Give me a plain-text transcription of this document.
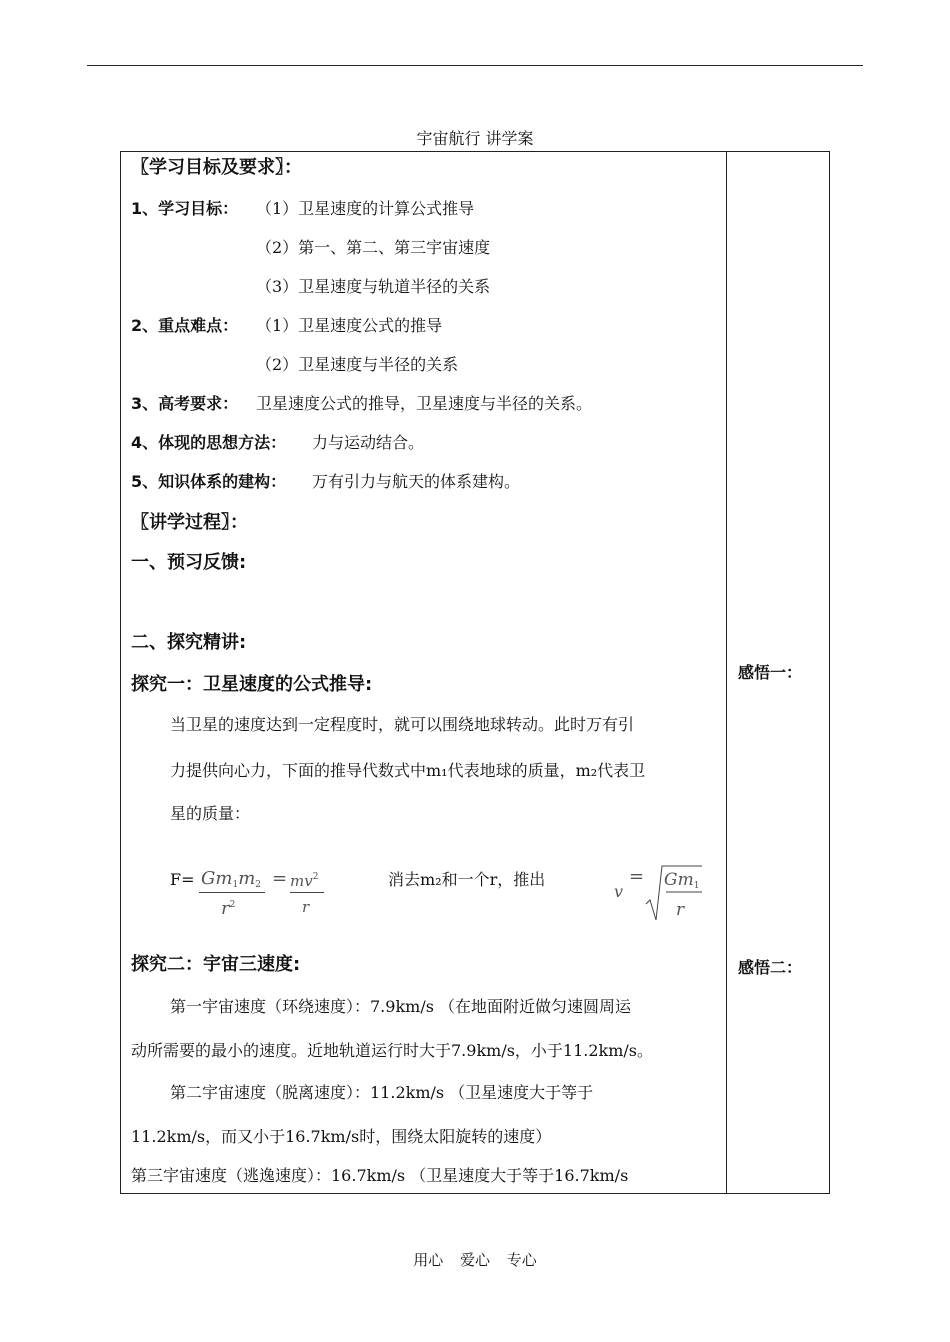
宇宙航行 讲学案
〖学习目标及要求〗：
1、学习目标： （1）卫星速度的计算公式推导
（2）第一、第二、第三宇宙速度
（3）卫星速度与轨道半径的关系
2、重点难点： （1）卫星速度公式的推导
（2）卫星速度与半径的关系
3、高考要求： 卫星速度公式的推导，卫星速度与半径的关系。
4、体现的思想方法： 力与运动结合。
5、知识体系的建构： 万有引力与航天的体系建构。
〖讲学过程〗：
一、预习反馈:
二、探究精讲:
探究一：卫星速度的公式推导:
当卫星的速度达到一定程度时，就可以围绕地球转动。此时万有引
力提供向心力，下面的推导代数式中m₁代表地球的质量，m₂代表卫
星的质量：
$F= Gm_1m_2$
$r^2$
= $mv^2$
r
消去m₂和一个r，推出
v
= $Gm_1$
r
探究二：宇宙三速度:
第一宇宙速度（环绕速度）：7.9km/s （在地面附近做匀速圆周运
动所需要的最小的速度。近地轨道运行时大于7.9km/s，小于11.2km/s。
第二宇宙速度（脱离速度）：11.2km/s （卫星速度大于等于
11.2km/s，而又小于16.7km/s时，围绕太阳旋转的速度）
第三宇宙速度（逃逸速度）：16.7km/s （卫星速度大于等于16.7km/s
感悟一：
感悟二：
用心 爱心 专心
